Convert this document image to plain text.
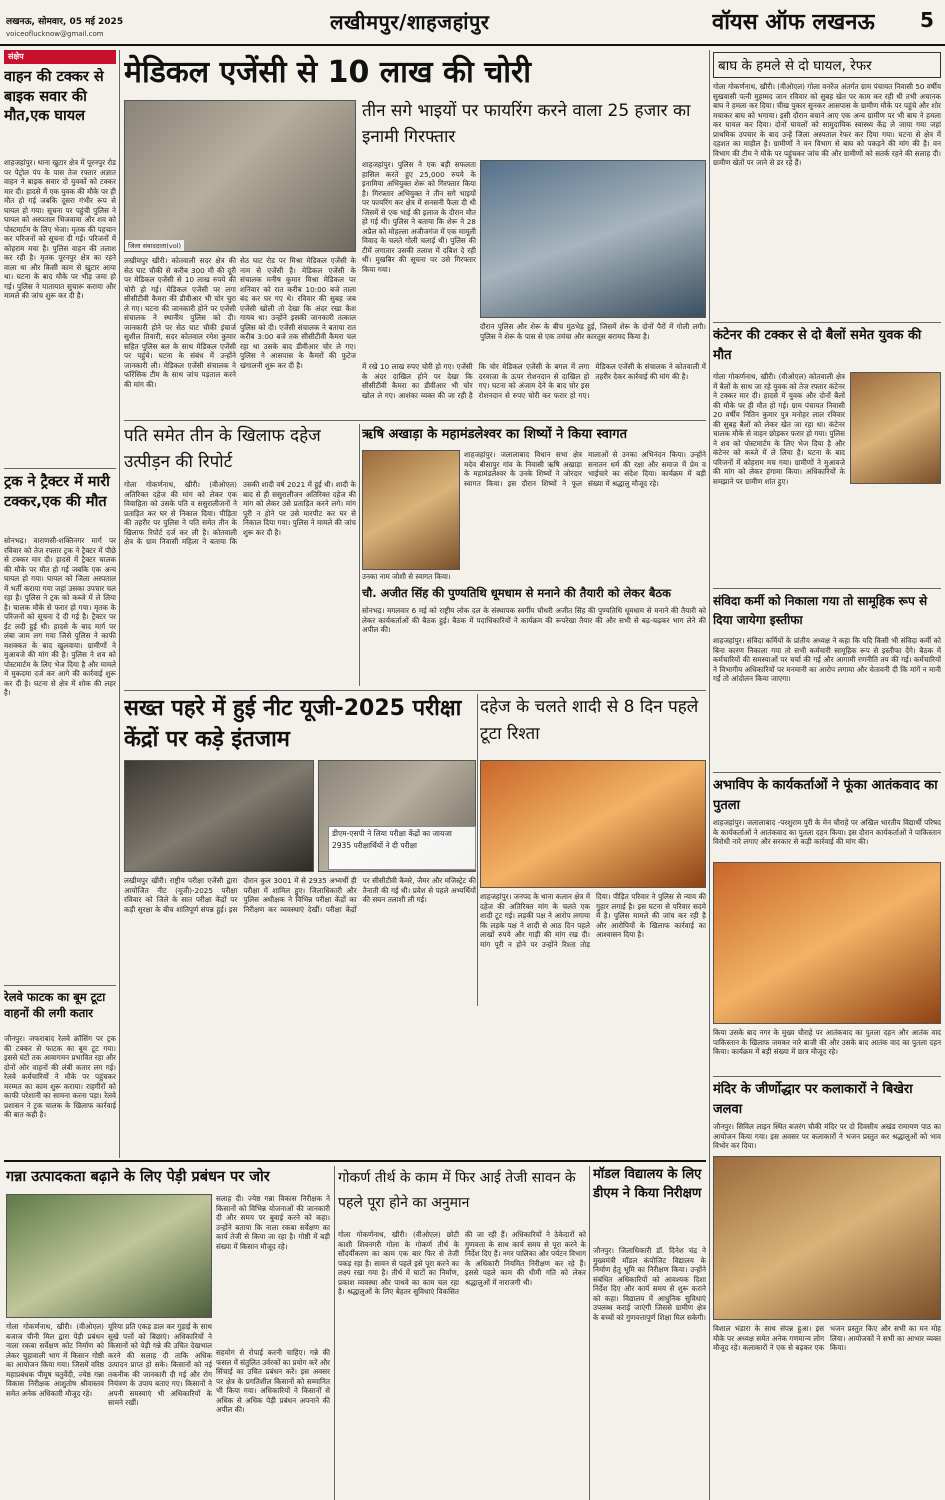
लखनऊ, सोमवार, 05 मई 2025
voiceoflucknow@gmail.com	लखीमपुर/शाहजहांपुर	वॉयस ऑफ लखनऊ 5
संक्षेप
वाहन की टक्कर से बाइक सवार की मौत,एक घायल
शाहजहांपुर। थाना खुटार क्षेत्र में पूरनपुर रोड पर पेट्रोल पंप के पास तेज रफ्तार अज्ञात वाहन ने बाइक सवार दो युवकों को टक्कर मार दी। हादसे में एक युवक की मौके पर ही मौत हो गई जबकि दूसरा गंभीर रूप से घायल हो गया। सूचना पर पहुंची पुलिस ने घायल को अस्पताल भिजवाया और शव को पोस्टमार्टम के लिए भेजा। मृतक की पहचान कर परिजनों को सूचना दी गई। परिजनों में कोहराम मचा है। पुलिस वाहन की तलाश कर रही है। मृतक पूरनपुर क्षेत्र का रहने वाला था और किसी काम से खुटार आया था। घटना के बाद मौके पर भीड़ जमा हो गई। पुलिस ने यातायात सुचारू कराया और मामले की जांच शुरू कर दी है।
ट्रक ने ट्रैक्टर में मारी टक्कर,एक की मौत
सोनभद्र। वाराणसी-शक्तिनगर मार्ग पर रविवार को तेज रफ्तार ट्रक ने ट्रैक्टर में पीछे से टक्कर मार दी। हादसे में ट्रैक्टर चालक की मौके पर मौत हो गई जबकि एक अन्य घायल हो गया। घायल को जिला अस्पताल में भर्ती कराया गया जहां उसका उपचार चल रहा है। पुलिस ने ट्रक को कब्जे में ले लिया है। चालक मौके से फरार हो गया। मृतक के परिजनों को सूचना दे दी गई है। ट्रैक्टर पर ईंट लदी हुई थी। हादसे के बाद मार्ग पर लंबा जाम लग गया जिसे पुलिस ने काफी मशक्कत के बाद खुलवाया। ग्रामीणों ने मुआवजे की मांग की है। पुलिस ने शव को पोस्टमार्टम के लिए भेज दिया है और मामले में मुकदमा दर्ज कर आगे की कार्रवाई शुरू कर दी है। घटना से क्षेत्र में शोक की लहर है।
रेलवे फाटक का बूम टूटा वाहनों की लगी कतार
जौनपुर। जफराबाद रेलवे क्रॉसिंग पर ट्रक की टक्कर से फाटक का बूम टूट गया। इससे घंटों तक आवागमन प्रभावित रहा और दोनों ओर वाहनों की लंबी कतार लग गई। रेलवे कर्मचारियों ने मौके पर पहुंचकर मरम्मत का काम शुरू कराया। राहगीरों को काफी परेशानी का सामना करना पड़ा। रेलवे प्रशासन ने ट्रक चालक के खिलाफ कार्रवाई की बात कही है।
मेडिकल एजेंसी से 10 लाख की चोरी
जिला संवाददाता(vol)
लखीमपुर खीरी। कोतवाली सदर क्षेत्र की सेठ घाट चौकी से करीब 300 मी की दूरी पर मेडिकल एजेंसी से 10 लाख रुपये की चोरी हो गई। मेडिकल एजेंसी पर लगा सीसीटीवी कैमरा की डीवीआर भी चोर चुरा ले गए। घटना की जानकारी होने पर एजेंसी संचालक ने स्थानीय पुलिस को दी। जानकारी होने पर सेठ घाट चौकी इंचार्ज सुशील तिवारी, सदर कोतवाल रमेश कुमार सहित पुलिस बल के साथ मेडिकल एजेंसी पर पहुंचे। घटना के संबंध में उन्होंने जानकारी ली। मेडिकल एजेंसी संचालक ने फॉरेंसिक टीम के साथ जांच पड़ताल करने की मांग की।
सेठ घाट रोड पर मिश्रा मेडिकल एजेंसी के नाम से एजेंसी है। मेडिकल एजेंसी के संचालक मनीष कुमार मिश्रा मेडिकल पर शनिवार को रात करीब 10:00 बजे ताला बंद कर घर गए थे। रविवार की सुबह जब एजेंसी खोली तो देखा कि अंदर रखा कैश गायब था। उन्होंने इसकी जानकारी तत्काल पुलिस को दी। एजेंसी संचालक ने बताया रात करीब 3:00 बजे तक सीसीटीवी कैमरा चल रहा था उसके बाद डीवीआर चोर ले गए। पुलिस ने आसपास के कैमरों की फुटेज खंगालनी शुरू कर दी है।
तीन सगे भाइयों पर फायरिंग करने वाला 25 हजार का इनामी गिरफ्तार
शाहजहांपुर। पुलिस ने एक बड़ी सफलता हासिल करते हुए 25,000 रुपये के इनामिया अभियुक्त शेरू को गिरफ्तार किया है। गिरफ्तार अभियुक्त ने तीन सगे भाइयों पर फायरिंग कर क्षेत्र में सनसनी फैला दी थी जिसमें से एक भाई की इलाज के दौरान मौत हो गई थी। पुलिस ने बताया कि शेरू ने 28 अप्रैल को मोहल्ला अजीजगंज में एक मामूली विवाद के चलते गोली चलाई थी। पुलिस की टीमें लगातार उसकी तलाश में दबिश दे रही थीं। मुखबिर की सूचना पर उसे गिरफ्तार किया गया।
दौरान पुलिस और शेरू के बीच मुठभेड़ हुई, जिसमें शेरू के दोनों पैरों में गोली लगी। पुलिस ने शेरू के पास से एक तमंचा और कारतूस बरामद किया है।
में रखे 10 लाख रुपए चोरी हो गए। एजेंसी के अंदर दाखिल होने पर देखा कि सीसीटीवी कैमरा का डीवीआर भी चोर खोल ले गए। आशंका व्यक्त की जा रही है कि चोर मेडिकल एजेंसी के बगल में लगा दरवाजा के ऊपर रोशनदान से दाखिल हो गए। घटना को अंजाम देने के बाद चोर इस रोशनदान से रुपए चोरी कर फरार हो गए। मेडिकल एजेंसी के संचालक ने कोतवाली में तहरीर देकर कार्रवाई की मांग की है।
पति समेत तीन के खिलाफ दहेज उत्पीड़न की रिपोर्ट
गोला गोकर्णनाथ, खीरी। (वीओएल) अतिरिक्त दहेज की मांग को लेकर एक विवाहिता को उसके पति व ससुरालीजनों ने प्रताड़ित कर घर से निकाल दिया। पीड़िता की तहरीर पर पुलिस ने पति समेत तीन के खिलाफ रिपोर्ट दर्ज कर ली है। कोतवाली क्षेत्र के ग्राम निवासी महिला ने बताया कि उसकी शादी वर्ष 2021 में हुई थी। शादी के बाद से ही ससुरालीजन अतिरिक्त दहेज की मांग को लेकर उसे प्रताड़ित करने लगे। मांग पूरी न होने पर उसे मारपीट कर घर से निकाल दिया गया। पुलिस ने मामले की जांच शुरू कर दी है।
ऋषि अखाड़ा के महामंडलेश्वर का शिष्यों ने किया स्वागत
उनका नाम जोशी से स्वागत किया।
शाहजहांपुर। जलालाबाद विधान सभा क्षेत्र मदेव बीसापुर गांव के निवासी ऋषि अखाड़ा के महामंडलेश्वर के उनके शिष्यों ने जोरदार स्वागत किया। इस दौरान शिष्यों ने फूल मालाओं से उनका अभिनंदन किया। उन्होंने सनातन धर्म की रक्षा और समाज में प्रेम व भाईचारे का संदेश दिया। कार्यक्रम में बड़ी संख्या में श्रद्धालु मौजूद रहे।
चौ. अजीत सिंह की पुण्यतिथि धूमधाम से मनाने की तैयारी को लेकर बैठक
सोनभद्र। मगलवार 6 मई को राष्ट्रीय लोक दल के संस्थापक स्वर्गीय चौधरी अजीत सिंह की पुण्यतिथि धूमधाम से मनाने की तैयारी को लेकर कार्यकर्ताओं की बैठक हुई। बैठक में पदाधिकारियों ने कार्यक्रम की रूपरेखा तैयार की और सभी से बढ़-चढ़कर भाग लेने की अपील की।
सख्त पहरे में हुई नीट यूजी-2025 परीक्षा केंद्रों पर कड़े इंतजाम
लखीमपुर खीरी। राष्ट्रीय परीक्षा एजेंसी द्वारा आयोजित नीट (यूजी)-2025 परीक्षा रविवार को जिले के सात परीक्षा केंद्रों पर कड़ी सुरक्षा के बीच शांतिपूर्ण संपन्न हुई। इस दौरान कुल 3001 में से 2935 अभ्यर्थी ही परीक्षा में शामिल हुए। जिलाधिकारी और पुलिस अधीक्षक ने विभिन्न परीक्षा केंद्रों का निरीक्षण कर व्यवस्थाएं देखीं। परीक्षा केंद्रों पर सीसीटीवी कैमरे, जैमर और मजिस्ट्रेट की तैनाती की गई थी। प्रवेश से पहले अभ्यर्थियों की सघन तलाशी ली गई।
दहेज के चलते शादी से 8 दिन पहले टूटा रिश्ता
शाहजहांपुर। जनपद के थाना कलान क्षेत्र में दहेज की अतिरिक्त मांग के चलते एक शादी टूट गई। लड़की पक्ष ने आरोप लगाया कि लड़के पक्ष ने शादी से आठ दिन पहले लाखों रुपये और गाड़ी की मांग रख दी। मांग पूरी न होने पर उन्होंने रिश्ता तोड़ दिया। पीड़ित परिवार ने पुलिस से न्याय की गुहार लगाई है। इस घटना से परिवार सदमे में है। पुलिस मामले की जांच कर रही है और आरोपियों के खिलाफ कार्रवाई का आश्वासन दिया है।
बाघ के हमले से दो घायल, रेफर
गोला गोकर्णनाथ, खीरी। (वीओएल) गोला वनरेंज अंतर्गत ग्राम पंचायत निवासी 50 वर्षीय सुखवासी पत्नी मुहम्मद जान रविवार को सुबह खेत पर काम कर रही थी तभी अचानक बाघ ने हमला कर दिया। चीख पुकार सुनकर आसपास के ग्रामीण मौके पर पहुंचे और शोर मचाकर बाघ को भगाया। इसी दौरान बचाने आए एक अन्य ग्रामीण पर भी बाघ ने हमला कर घायल कर दिया। दोनों घायलों को सामुदायिक स्वास्थ्य केंद्र ले जाया गया जहां प्राथमिक उपचार के बाद उन्हें जिला अस्पताल रेफर कर दिया गया। घटना से क्षेत्र में दहशत का माहौल है। ग्रामीणों ने वन विभाग से बाघ को पकड़ने की मांग की है। वन विभाग की टीम ने मौके पर पहुंचकर जांच की और ग्रामीणों को सतर्क रहने की सलाह दी। ग्रामीण खेतों पर जाने से डर रहे हैं।
कंटेनर की टक्कर से दो बैलों समेत युवक की मौत
गोला गोकर्णनाथ, खीरी। (वीओएल) कोतवाली क्षेत्र में बैलों के साथ जा रहे युवक को तेज रफ्तार कंटेनर ने टक्कर मार दी। हादसे में युवक और दोनों बैलों की मौके पर ही मौत हो गई। ग्राम पंचायत निवासी 20 वर्षीय नितिन कुमार पुत्र मनोहर लाल रविवार की सुबह बैलों को लेकर खेत जा रहा था। कंटेनर चालक मौके से वाहन छोड़कर फरार हो गया। पुलिस ने शव को पोस्टमार्टम के लिए भेज दिया है और कंटेनर को कब्जे में ले लिया है। घटना के बाद परिजनों में कोहराम मच गया। ग्रामीणों ने मुआवजे की मांग को लेकर हंगामा किया। अधिकारियों के समझाने पर ग्रामीण शांत हुए।
संविदा कर्मी को निकाला गया तो सामूहिक रूप से दिया जायेगा इस्तीफा
शाहजहांपुर। संविदा कर्मियों के प्रांतीय अध्यक्ष ने कहा कि यदि किसी भी संविदा कर्मी को बिना कारण निकाला गया तो सभी कर्मचारी सामूहिक रूप से इस्तीफा देंगे। बैठक में कर्मचारियों की समस्याओं पर चर्चा की गई और आगामी रणनीति तय की गई। कर्मचारियों ने विभागीय अधिकारियों पर मनमानी का आरोप लगाया और चेतावनी दी कि मांगें न मानी गईं तो आंदोलन किया जाएगा।
अभाविप के कार्यकर्ताओं ने फूंका आतंकवाद का पुतला
शाहजहांपुर। जलालाबाद -परशुराम पुरी के मेन चौराहे पर अखिल भारतीय विद्यार्थी परिषद के कार्यकर्ताओं ने आतंकवाद का पुतला दहन किया। इस दौरान कार्यकर्ताओं ने पाकिस्तान विरोधी नारे लगाए और सरकार से कड़ी कार्रवाई की मांग की।
किया उसके बाद नगर के मुख्य चौराहे पर आतंकवाद का पुतला दहन और आतंक वाद पाकिस्तान के खिलाफ जमकर नारे बाजी की और उसके बाद आतंक वाद का पुतला दहन किया। कार्यक्रम में बड़ी संख्या में छात्र मौजूद रहे।
मंदिर के जीर्णोद्धार पर कलाकारों ने बिखेरा जलवा
जौनपुर। सिविल लाइन स्थित बजरंग चौकी मंदिर पर दो दिवसीय अखंड रामायण पाठ का आयोजन किया गया। इस अवसर पर कलाकारों ने भजन प्रस्तुत कर श्रद्धालुओं को भाव विभोर कर दिया।
विशाल भंडारा के साथ संपन्न हुआ। इस मौके पर अध्यक्ष समेत अनेक गणमान्य लोग मौजूद रहे। कलाकारों ने एक से बढ़कर एक भजन प्रस्तुत किए और सभी का मन मोह लिया। आयोजकों ने सभी का आभार व्यक्त किया।
गन्ना उत्पादकता बढ़ाने के लिए पेड़ी प्रबंधन पर जोर
गोला गोकर्णनाथ, खीरी। (वीओएल) बजाज चीनी मिल द्वारा पेड़ी प्रबंधन नाला रकबा सर्वेक्षण कोट निर्माण को लेकर चुहावाली भाग में किसान गोष्ठी का आयोजन किया गया। जिसमें वरिष्ठ महाप्रबंधक पीयूष चतुर्वेदी, ज्येष्ठ गन्ना विकास निरीक्षक आशुतोष श्रीवास्तव समेत अनेक अधिकारी मौजूद रहे।
यूरिया प्रति एकड़ डाल कर गुड़ाई के साथ सूखे पत्तों को बिछाएं। अधिकारियों ने किसानों को पेड़ी गन्ने की उचित देखभाल करने की सलाह दी ताकि अधिक उत्पादन प्राप्त हो सके। किसानों को नई तकनीक की जानकारी दी गई और रोग नियंत्रण के उपाय बताए गए। किसानों ने अपनी समस्याएं भी अधिकारियों के सामने रखीं।
सलाह दी। ज्येष्ठ गन्ना विकास निरीक्षक ने किसानों को विभिन्न योजनाओं की जानकारी दी और समय पर बुवाई करने को कहा। उन्होंने बताया कि नाला रकबा सर्वेक्षण का कार्य तेजी से किया जा रहा है। गोष्ठी में बड़ी संख्या में किसान मौजूद रहे।
सहयोग से रोपाई करनी चाहिए। गन्ने की फसल में संतुलित उर्वरकों का प्रयोग करें और सिंचाई का उचित प्रबंधन करें। इस अवसर पर क्षेत्र के प्रगतिशील किसानों को सम्मानित भी किया गया। अधिकारियों ने किसानों से अधिक से अधिक पेड़ी प्रबंधन अपनाने की अपील की।
गोकर्ण तीर्थ के काम में फिर आई तेजी सावन के पहले पूरा होने का अनुमान
गोला गोकर्णनाथ, खीरी। (वीओएल) छोटी काशी शिवनगरी गोला के गोकर्ण तीर्थ के सौंदर्यीकरण का काम एक बार फिर से तेजी पकड़ रहा है। सावन से पहले इसे पूरा करने का लक्ष्य रखा गया है। तीर्थ में घाटों का निर्माण, प्रकाश व्यवस्था और पाथवे का काम चल रहा है। श्रद्धालुओं के लिए बेहतर सुविधाएं विकसित की जा रही हैं। अधिकारियों ने ठेकेदारों को गुणवत्ता के साथ कार्य समय से पूरा करने के निर्देश दिए हैं। नगर पालिका और पर्यटन विभाग के अधिकारी नियमित निरीक्षण कर रहे हैं। इससे पहले काम की धीमी गति को लेकर श्रद्धालुओं में नाराजगी थी।
मॉडल विद्यालय के लिए डीएम ने किया निरीक्षण
जौनपुर। जिलाधिकारी डॉ. दिनेश चंद्र ने मुख्यमंत्री मॉडल कंपोजिट विद्यालय के निर्माण हेतु भूमि का निरीक्षण किया। उन्होंने संबंधित अधिकारियों को आवश्यक दिशा निर्देश दिए और कार्य समय से शुरू कराने को कहा। विद्यालय में आधुनिक सुविधाएं उपलब्ध कराई जाएंगी जिससे ग्रामीण क्षेत्र के बच्चों को गुणवत्तापूर्ण शिक्षा मिल सकेगी।
डीएम-एसपी ने लिया परीक्षा केंद्रों का जायजा
2935 परीक्षार्थियों ने दी परीक्षा
